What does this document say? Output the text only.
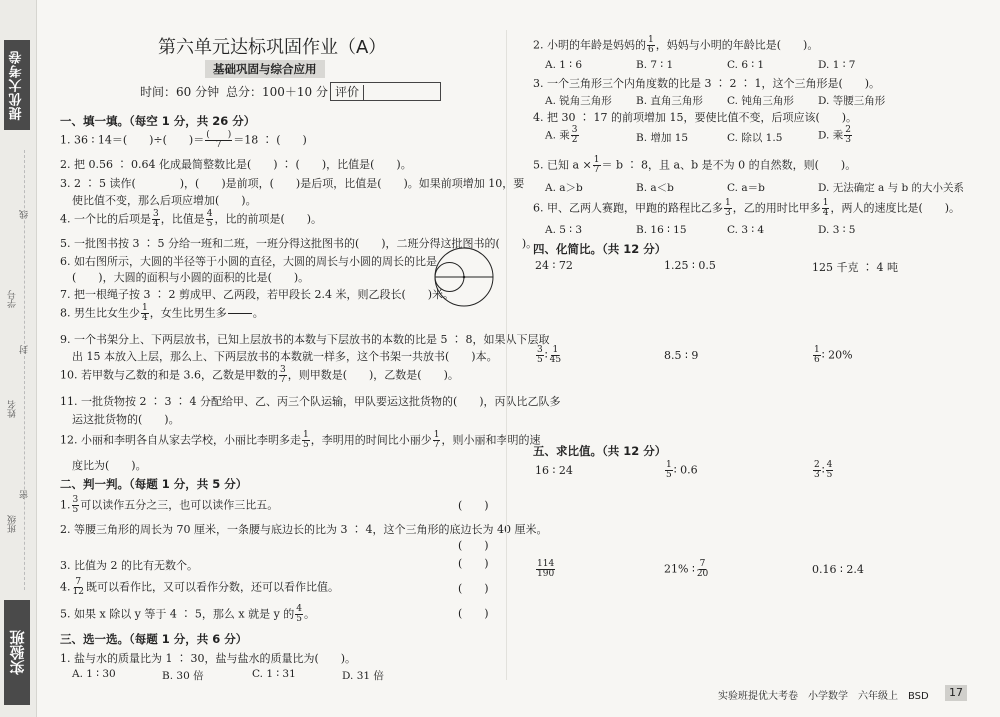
提优大考卷
线
学号
封
姓名
密
班级
实验班
第六单元达标巩固作业（A）
基础巩固与综合应用
时间：60 分钟 总分：100＋10 分 评价
一、填一填。（每空 1 分，共 26 分）
1. 36 ∶ 14＝(　　)÷(　　)＝ $\frac{( )}{7} =18$ ∶ (　　)
2. 把 0.56 ∶ 0.64 化成最简整数比是(　　) ∶ (　　)，比值是(　　)。
3. 2 ∶ 5 读作(　　　　)，(　　)是前项，(　　)是后项，比值是(　　)。如果前项增加 10，要
使比值不变，那么后项应增加(　　)。
4. 一个比的后项是 $\frac{3}{4}$ ，比值是 $\frac{4}{5}$ ，比的前项是(　　)。
5. 一批图书按 3 ∶ 5 分给一班和二班，一班分得这批图书的(　　)，二班分得这批图书的(　　)。
6. 如右图所示，大圆的半径等于小圆的直径，大圆的周长与小圆的周长的比是
(　　)，大圆的面积与小圆的面积的比是(　　)。
7. 把一根绳子按 3 ∶ 2 剪成甲、乙两段，若甲段长 2.4 米，则乙段长(　　)米。
8. 男生比女生少 $\frac{1}{4}$ ，女生比男生多 。
9. 一个书架分上、下两层放书，已知上层放书的本数与下层放书的本数的比是 5 ∶ 8，如果从下层取
出 15 本放入上层，那么上、下两层放书的本数就一样多，这个书架一共放书(　　)本。
10. 若甲数与乙数的和是 3.6，乙数是甲数的 $\frac{3}{7}$ ，则甲数是(　　)，乙数是(　　)。
11. 一批货物按 2 ∶ 3 ∶ 4 分配给甲、乙、丙三个队运输，甲队要运这批货物的(　　)，丙队比乙队多
运这批货物的(　　)。
12. 小丽和李明各自从家去学校，小丽比李明多走 $\frac{1}{5}$ ，李明用的时间比小丽少 $\frac{1}{7}$ ，则小丽和李明的速
度比为(　　)。
二、判一判。（每题 1 分，共 5 分）
1. $\frac{3}{5}$ 可以读作五分之三，也可以读作三比五。	(　　)
2. 等腰三角形的周长为 70 厘米，一条腰与底边长的比为 3 ∶ 4，这个三角形的底边长为 40 厘米。
(　　)
3. 比值为 2 的比有无数个。	(　　)
4. $\frac{7}{12}$ 既可以看作比，又可以看作分数，还可以看作比值。	(　　)
5. 如果 x 除以 y 等于 4 ∶ 5，那么 x 就是 y 的 $\frac{4}{5}$ 。	(　　)
三、选一选。（每题 1 分，共 6 分）
1. 盐与水的质量比为 1 ∶ 30，盐与盐水的质量比为(　　)。
A. 1 ∶ 30	B. 30 倍	C. 1 ∶ 31	D. 31 倍
2. 小明的年龄是妈妈的 $\frac{1}{6}$ ，妈妈与小明的年龄比是(　　)。
A. 1 ∶ 6	B. 7 ∶ 1	C. 6 ∶ 1	D. 1 ∶ 7
3. 一个三角形三个内角度数的比是 3 ∶ 2 ∶ 1，这个三角形是(　　)。
A. 锐角三角形 B. 直角三角形 C. 钝角三角形 D. 等腰三角形
4. 把 30 ∶ 17 的前项增加 15，要使比值不变，后项应该(　　)。
A. 乘 $\frac{3}{2}$	B. 增加 15	C. 除以 1.5	D. 乘 $\frac{2}{3}$
5. 已知 $a \times \frac{1}{7} = b$ ∶ 8，且 a、b 是不为 0 的自然数，则(　　)。
A. a＞b	B. a＜b	C. a＝b	D. 无法确定 a 与 b 的大小关系
6. 甲、乙两人赛跑，甲跑的路程比乙多 $\frac{1}{3}$ ，乙的用时比甲多 $\frac{1}{4}$ ，两人的速度比是(　　)。
A. 5 ∶ 3	B. 16 ∶ 15	C. 3 ∶ 4	D. 3 ∶ 5
四、化简比。（共 12 分）
24 ∶ 72	1.25 ∶ 0.5	125 千克 ∶ 4 吨
$\frac{3}{5}$ ∶ $\frac{1}{45}$	8.5 ∶ 9	$\frac{1}{6}$ ∶ 20%
五、求比值。（共 12 分）
16 ∶ 24	$\frac{1}{5}$ ∶ 0.6	$\frac{2}{3}$ ∶ $\frac{4}{5}$
$\frac{114}{190}$	21% ∶ $\frac{7}{20}$	0.16 ∶ 2.4
实验班提优大考卷　小学数学　六年级上　BSD	17
